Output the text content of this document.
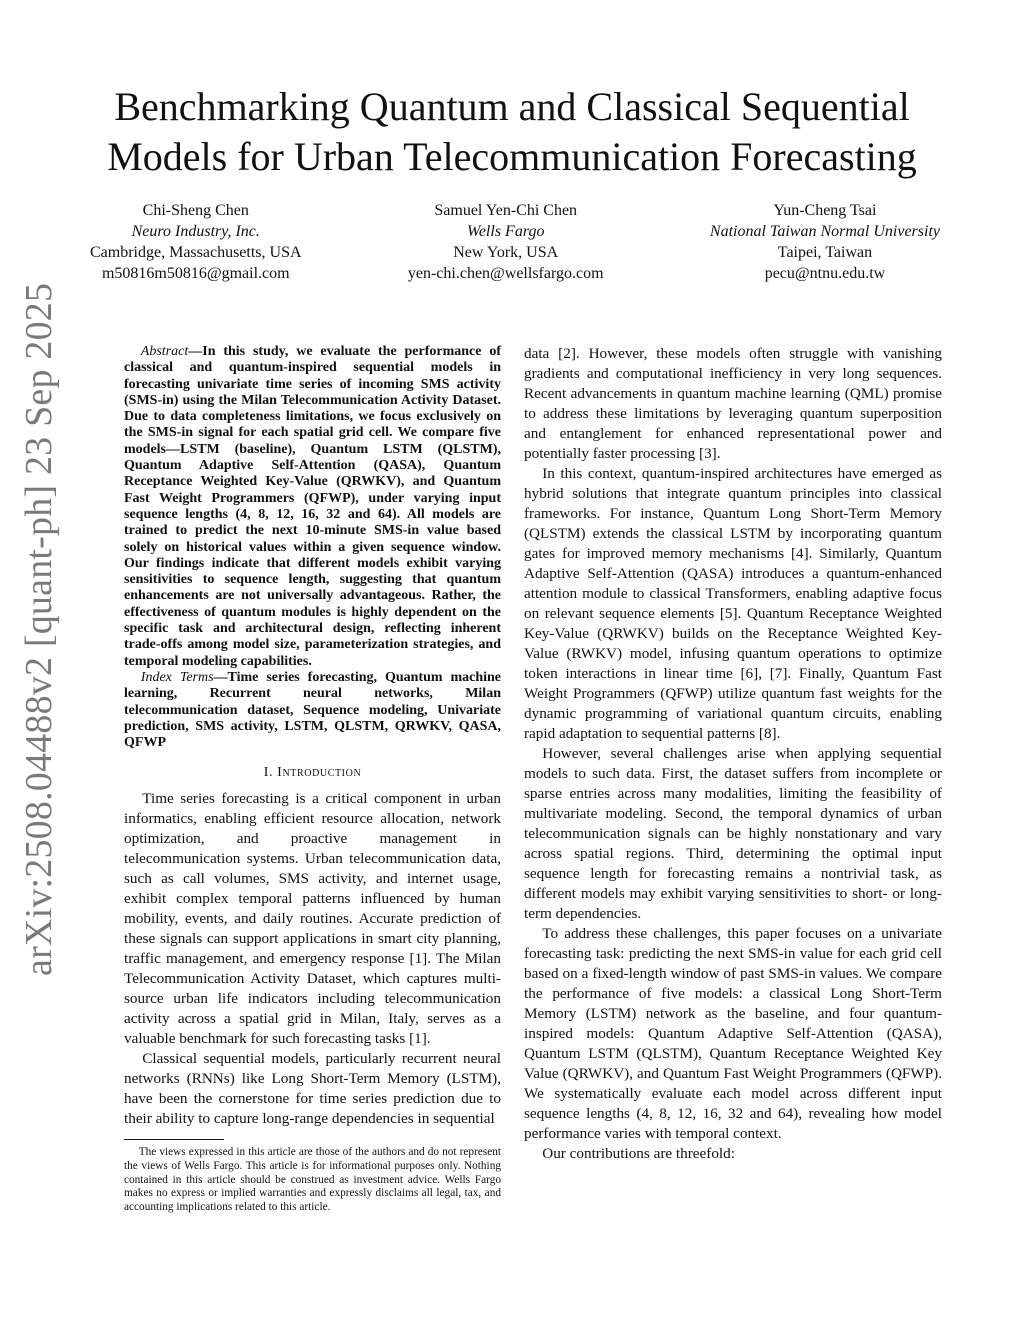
arXiv:2508.04488v2 [quant-ph] 23 Sep 2025
Benchmarking Quantum and Classical Sequential Models for Urban Telecommunication Forecasting
Chi-Sheng Chen
Neuro Industry, Inc.
Cambridge, Massachusetts, USA
m50816m50816@gmail.com
Samuel Yen-Chi Chen
Wells Fargo
New York, USA
yen-chi.chen@wellsfargo.com
Yun-Cheng Tsai
National Taiwan Normal University
Taipei, Taiwan
pecu@ntnu.edu.tw

Abstract—In this study, we evaluate the performance of classical and quantum-inspired sequential models in forecasting univariate time series of incoming SMS activity (SMS-in) using the Milan Telecommunication Activity Dataset. Due to data completeness limitations, we focus exclusively on the SMS-in signal for each spatial grid cell. We compare five models—LSTM (baseline), Quantum LSTM (QLSTM), Quantum Adaptive Self-Attention (QASA), Quantum Receptance Weighted Key-Value (QRWKV), and Quantum Fast Weight Programmers (QFWP), under varying input sequence lengths (4, 8, 12, 16, 32 and 64). All models are trained to predict the next 10-minute SMS-in value based solely on historical values within a given sequence window. Our findings indicate that different models exhibit varying sensitivities to sequence length, suggesting that quantum enhancements are not universally advantageous. Rather, the effectiveness of quantum modules is highly dependent on the specific task and architectural design, reflecting inherent trade-offs among model size, parameterization strategies, and temporal modeling capabilities.

Index Terms—Time series forecasting, Quantum machine learning, Recurrent neural networks, Milan telecommunication dataset, Sequence modeling, Univariate prediction, SMS activity, LSTM, QLSTM, QRWKV, QASA, QFWP

I. Introduction

Time series forecasting is a critical component in urban informatics, enabling efficient resource allocation, network optimization, and proactive management in telecommunication systems. Urban telecommunication data, such as call volumes, SMS activity, and internet usage, exhibit complex temporal patterns influenced by human mobility, events, and daily routines. Accurate prediction of these signals can support applications in smart city planning, traffic management, and emergency response [1]. The Milan Telecommunication Activity Dataset, which captures multi-source urban life indicators including telecommunication activity across a spatial grid in Milan, Italy, serves as a valuable benchmark for such forecasting tasks [1].

Classical sequential models, particularly recurrent neural networks (RNNs) like Long Short-Term Memory (LSTM), have been the cornerstone for time series prediction due to their ability to capture long-range dependencies in sequential

The views expressed in this article are those of the authors and do not represent the views of Wells Fargo. This article is for informational purposes only. Nothing contained in this article should be construed as investment advice. Wells Fargo makes no express or implied warranties and expressly disclaims all legal, tax, and accounting implications related to this article.

data [2]. However, these models often struggle with vanishing gradients and computational inefficiency in very long sequences. Recent advancements in quantum machine learning (QML) promise to address these limitations by leveraging quantum superposition and entanglement for enhanced representational power and potentially faster processing [3].

In this context, quantum-inspired architectures have emerged as hybrid solutions that integrate quantum principles into classical frameworks. For instance, Quantum Long Short-Term Memory (QLSTM) extends the classical LSTM by incorporating quantum gates for improved memory mechanisms [4]. Similarly, Quantum Adaptive Self-Attention (QASA) introduces a quantum-enhanced attention module to classical Transformers, enabling adaptive focus on relevant sequence elements [5]. Quantum Receptance Weighted Key-Value (QRWKV) builds on the Receptance Weighted Key-Value (RWKV) model, infusing quantum operations to optimize token interactions in linear time [6], [7]. Finally, Quantum Fast Weight Programmers (QFWP) utilize quantum fast weights for the dynamic programming of variational quantum circuits, enabling rapid adaptation to sequential patterns [8].

However, several challenges arise when applying sequential models to such data. First, the dataset suffers from incomplete or sparse entries across many modalities, limiting the feasibility of multivariate modeling. Second, the temporal dynamics of urban telecommunication signals can be highly nonstationary and vary across spatial regions. Third, determining the optimal input sequence length for forecasting remains a nontrivial task, as different models may exhibit varying sensitivities to short- or long-term dependencies.

To address these challenges, this paper focuses on a univariate forecasting task: predicting the next SMS-in value for each grid cell based on a fixed-length window of past SMS-in values. We compare the performance of five models: a classical Long Short-Term Memory (LSTM) network as the baseline, and four quantum-inspired models: Quantum Adaptive Self-Attention (QASA), Quantum LSTM (QLSTM), Quantum Receptance Weighted Key Value (QRWKV), and Quantum Fast Weight Programmers (QFWP). We systematically evaluate each model across different input sequence lengths (4, 8, 12, 16, 32 and 64), revealing how model performance varies with temporal context.

Our contributions are threefold:
